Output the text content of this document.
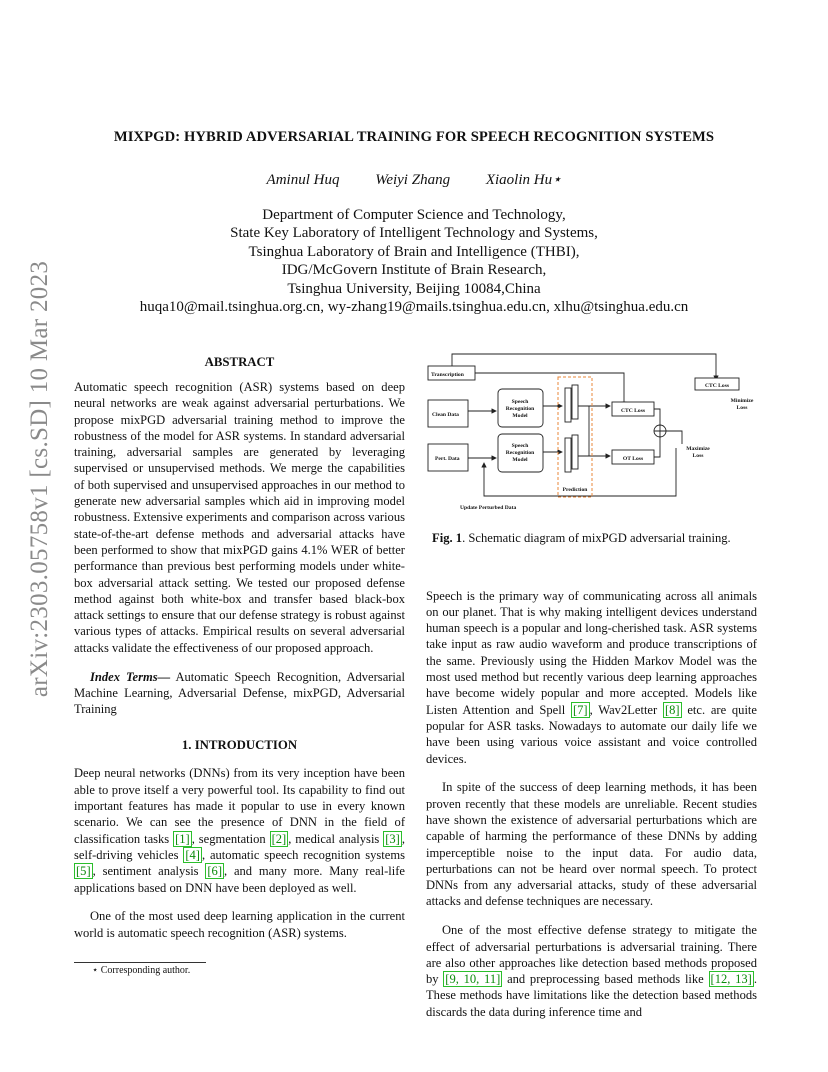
arXiv:2303.05758v1 [cs.SD] 10 Mar 2023
MIXPGD: HYBRID ADVERSARIAL TRAINING FOR SPEECH RECOGNITION SYSTEMS
Aminul Huq Weiyi Zhang Xiaolin Hu⋆
Department of Computer Science and Technology,
State Key Laboratory of Intelligent Technology and Systems,
Tsinghua Laboratory of Brain and Intelligence (THBI),
IDG/McGovern Institute of Brain Research,
Tsinghua University, Beijing 10084,China
huqa10@mail.tsinghua.org.cn, wy-zhang19@mails.tsinghua.edu.cn, xlhu@tsinghua.edu.cn
ABSTRACT

Automatic speech recognition (ASR) systems based on deep neural networks are weak against adversarial perturbations. We propose mixPGD adversarial training method to improve the robustness of the model for ASR systems. In standard adversarial training, adversarial samples are generated by leveraging supervised or unsupervised methods. We merge the capabilities of both supervised and unsupervised approaches in our method to generate new adversarial samples which aid in improving model robustness. Extensive experiments and comparison across various state-of-the-art defense methods and adversarial attacks have been performed to show that mixPGD gains 4.1% WER of better performance than previous best performing models under white-box adversarial attack setting. We tested our proposed defense method against both white-box and transfer based black-box attack settings to ensure that our defense strategy is robust against various types of attacks. Empirical results on several adversarial attacks validate the effectiveness of our proposed approach.

Index Terms— Automatic Speech Recognition, Adversarial Machine Learning, Adversarial Defense, mixPGD, Adversarial Training

1. INTRODUCTION

Deep neural networks (DNNs) from its very inception have been able to prove itself a very powerful tool. Its capability to find out important features has made it popular to use in every known scenario. We can see the presence of DNN in the field of classification tasks [1] , segmentation [2] , medical analysis [3] , self-driving vehicles [4] , automatic speech recognition systems [5] , sentiment analysis [6] , and many more. Many real-life applications based on DNN have been deployed as well.

One of the most used deep learning application in the current world is automatic speech recognition (ASR) systems.

⋆ Corresponding author.
Transcription
Clean Data
Pert. Data
Speech
Recognition
Model
Speech
Recognition
Model
Prediction
CTC Loss
OT Loss
CTC Loss
Minimize
Loss
Maximize
Loss
Update Perturbed Data
Fig. 1. Schematic diagram of mixPGD adversarial training.

Speech is the primary way of communicating across all animals on our planet. That is why making intelligent devices understand human speech is a popular and long-cherished task. ASR systems take input as raw audio waveform and produce transcriptions of the same. Previously using the Hidden Markov Model was the most used method but recently various deep learning approaches have become widely popular and more accepted. Models like Listen Attention and Spell [7] , Wav2Letter [8] etc. are quite popular for ASR tasks. Nowadays to automate our daily life we have been using various voice assistant and voice controlled devices.

In spite of the success of deep learning methods, it has been proven recently that these models are unreliable. Recent studies have shown the existence of adversarial perturbations which are capable of harming the performance of these DNNs by adding imperceptible noise to the input data. For audio data, perturbations can not be heard over normal speech. To protect DNNs from any adversarial attacks, study of these adversarial attacks and defense techniques are necessary.

One of the most effective defense strategy to mitigate the effect of adversarial perturbations is adversarial training. There are also other approaches like detection based methods proposed by [9, 10, 11] and preprocessing based methods like [12, 13] . These methods have limitations like the detection based methods discards the data during inference time and
